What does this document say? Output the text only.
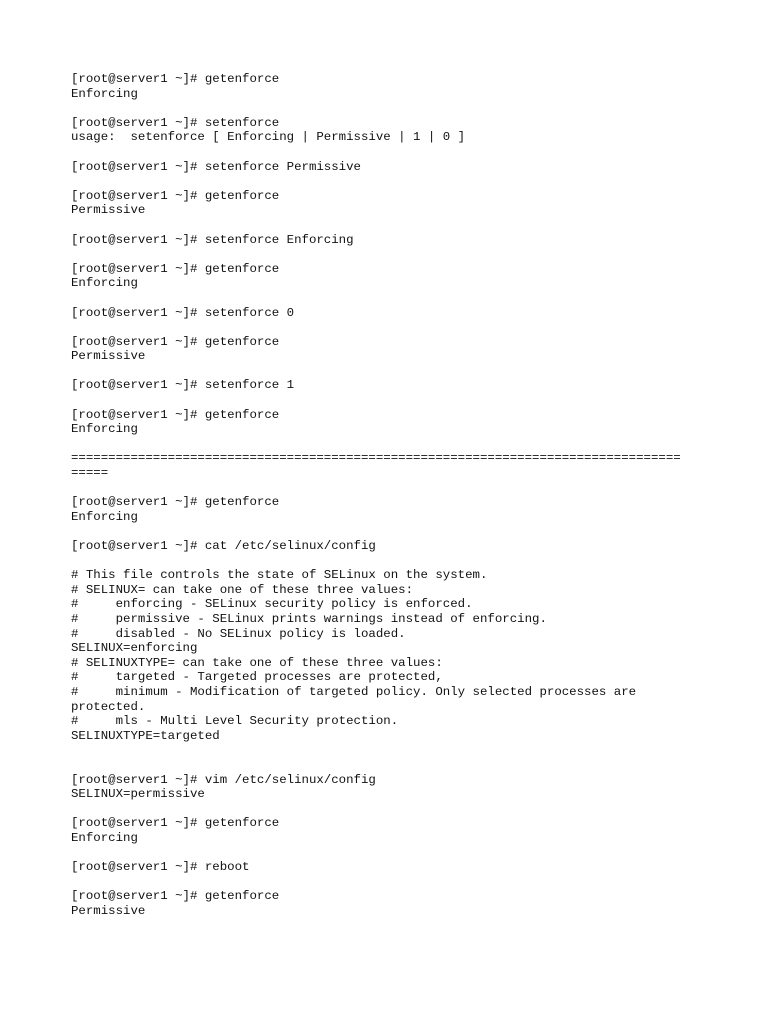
[root@server1 ~]# getenforce
Enforcing
[root@server1 ~]# setenforce
usage:  setenforce [ Enforcing | Permissive | 1 | 0 ]
[root@server1 ~]# setenforce Permissive
[root@server1 ~]# getenforce
Permissive
[root@server1 ~]# setenforce Enforcing
[root@server1 ~]# getenforce
Enforcing
[root@server1 ~]# setenforce 0
[root@server1 ~]# getenforce
Permissive
[root@server1 ~]# setenforce 1
[root@server1 ~]# getenforce
Enforcing
==================================================================================
=====
[root@server1 ~]# getenforce
Enforcing
[root@server1 ~]# cat /etc/selinux/config
# This file controls the state of SELinux on the system.
# SELINUX= can take one of these three values:
#     enforcing - SELinux security policy is enforced.
#     permissive - SELinux prints warnings instead of enforcing.
#     disabled - No SELinux policy is loaded.
SELINUX=enforcing
# SELINUXTYPE= can take one of these three values:
#     targeted - Targeted processes are protected,
#     minimum - Modification of targeted policy. Only selected processes are
protected.
#     mls - Multi Level Security protection.
SELINUXTYPE=targeted
[root@server1 ~]# vim /etc/selinux/config
SELINUX=permissive
[root@server1 ~]# getenforce
Enforcing
[root@server1 ~]# reboot
[root@server1 ~]# getenforce
Permissive
